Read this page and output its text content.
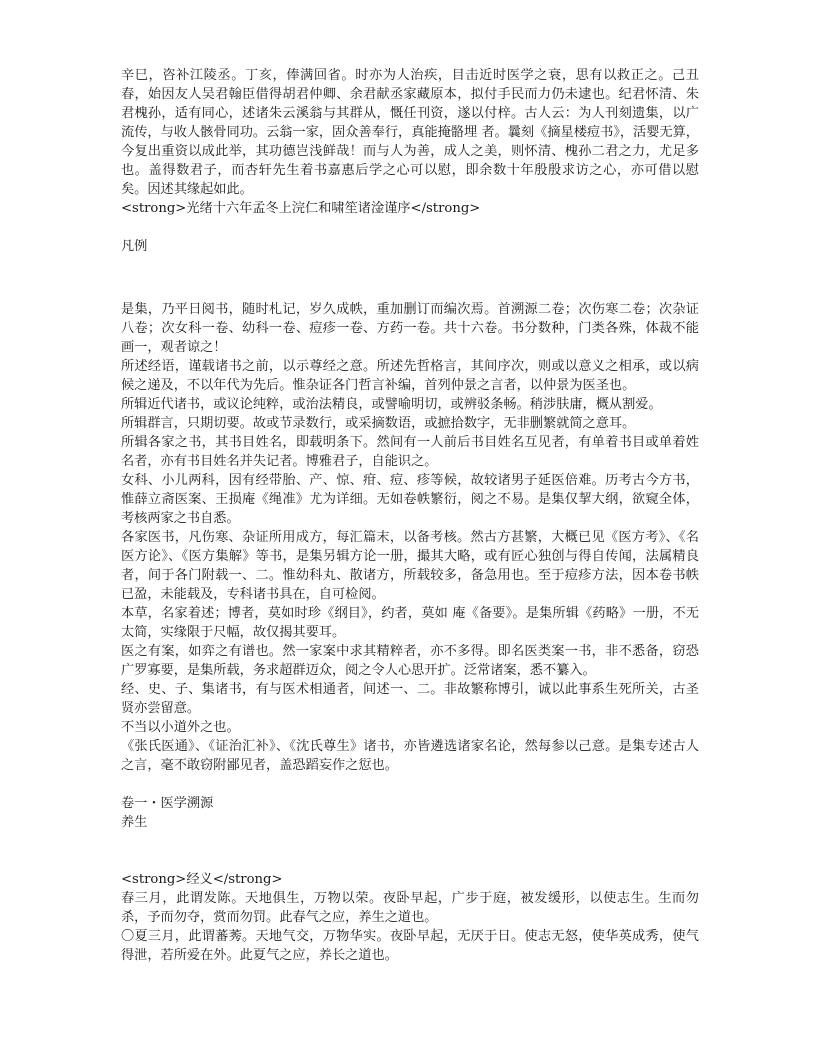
辛巳，咨补江陵丞。丁亥，俸满回省。时亦为人治疾，目击近时医学之衰，思有以救正之。己丑春，始因友人吴君翰臣借得胡君仲卿、余君献丞家藏原本，拟付手民而力仍未逮也。纪君怀清、朱君槐孙，适有同心，述诸朱云溪翁与其群从，慨任刊资，遂以付梓。古人云：为人刊刻遗集，以广流传，与收人骸骨同功。云翁一家，固众善奉行，真能掩骼埋 者。曩刻《摘星楼痘书》，活婴无算，今复出重资以成此举，其功德岂浅鲜哉！而与人为善，成人之美，则怀清、槐孙二君之力，尤足多也。盖得数君子，而杏轩先生着书嘉惠后学之心可以慰，即余数十年殷殷求访之心，亦可借以慰矣。因述其缘起如此。

<strong>光绪十六年孟冬上浣仁和啸笙诸淦谨序</strong>

凡例

是集，乃平日阅书，随时札记，岁久成帙，重加删订而编次焉。首溯源二卷；次伤寒二卷；次杂证八卷；次女科一卷、幼科一卷、痘疹一卷、方药一卷。共十六卷。书分数种，门类各殊，体裁不能画一，观者谅之！

所述经语，谨载诸书之前，以示尊经之意。所述先哲格言，其间序次，则或以意义之相承，或以病候之递及，不以年代为先后。惟杂证各门哲言补编，首列仲景之言者，以仲景为医圣也。

所辑近代诸书，或议论纯粹，或治法精良，或譬喻明切，或辨驳条畅。稍涉肤庸，概从割爱。

所辑群言，只期切要。故或节录数行，或采摘数语，或摭拾数字，无非删繁就简之意耳。

所辑各家之书，其书目姓名，即载明条下。然间有一人前后书目姓名互见者，有单着书目或单着姓名者，亦有书目姓名并失记者。博雅君子，自能识之。

女科、小儿两科，因有经带胎、产、惊、疳、痘、疹等候，故较诸男子延医倍难。历考古今方书，惟薛立斋医案、王损庵《绳准》尤为详细。无如卷帙繁衍，阅之不易。是集仅挈大纲，欲窥全体，考核两家之书自悉。

各家医书，凡伤寒、杂证所用成方，每汇篇末，以备考核。然古方甚繁，大概已见《医方考》、《名医方论》、《医方集解》等书，是集另辑方论一册，撮其大略，或有匠心独创与得自传闻，法属精良者，间于各门附载一、二。惟幼科丸、散诸方，所载较多，备急用也。至于痘疹方法，因本卷书帙已盈，未能载及，专科诸书具在，自可检阅。

本草，名家着述；博者，莫如时珍《纲目》，约者，莫如 庵《备要》。是集所辑《药略》一册，不无太简，实缘限于尺幅，故仅揭其要耳。

医之有案，如弈之有谱也。然一家案中求其精粹者，亦不多得。即名医类案一书，非不悉备，窃恐广罗寡要，是集所载，务求超群迈众，阅之令人心思开扩。泛常诸案，悉不纂入。

经、史、子、集诸书，有与医术相通者，间述一、二。非故繁称博引，诚以此事系生死所关，古圣贤亦尝留意。

不当以小道外之也。

《张氏医通》、《证治汇补》、《沈氏尊生》诸书，亦皆遴选诸家名论，然每参以己意。是集专述古人之言，毫不敢窃附鄙见者，盖恐蹈妄作之愆也。

卷一・医学溯源

养生

<strong>经义</strong>

春三月，此谓发陈。天地俱生，万物以荣。夜卧早起，广步于庭，被发缓形，以使志生。生而勿杀，予而勿夺，赏而勿罚。此春气之应，养生之道也。

〇夏三月，此谓蕃莠。天地气交，万物华实。夜卧早起，无厌于日。使志无怒，使华英成秀，使气得泄，若所爱在外。此夏气之应，养长之道也。
